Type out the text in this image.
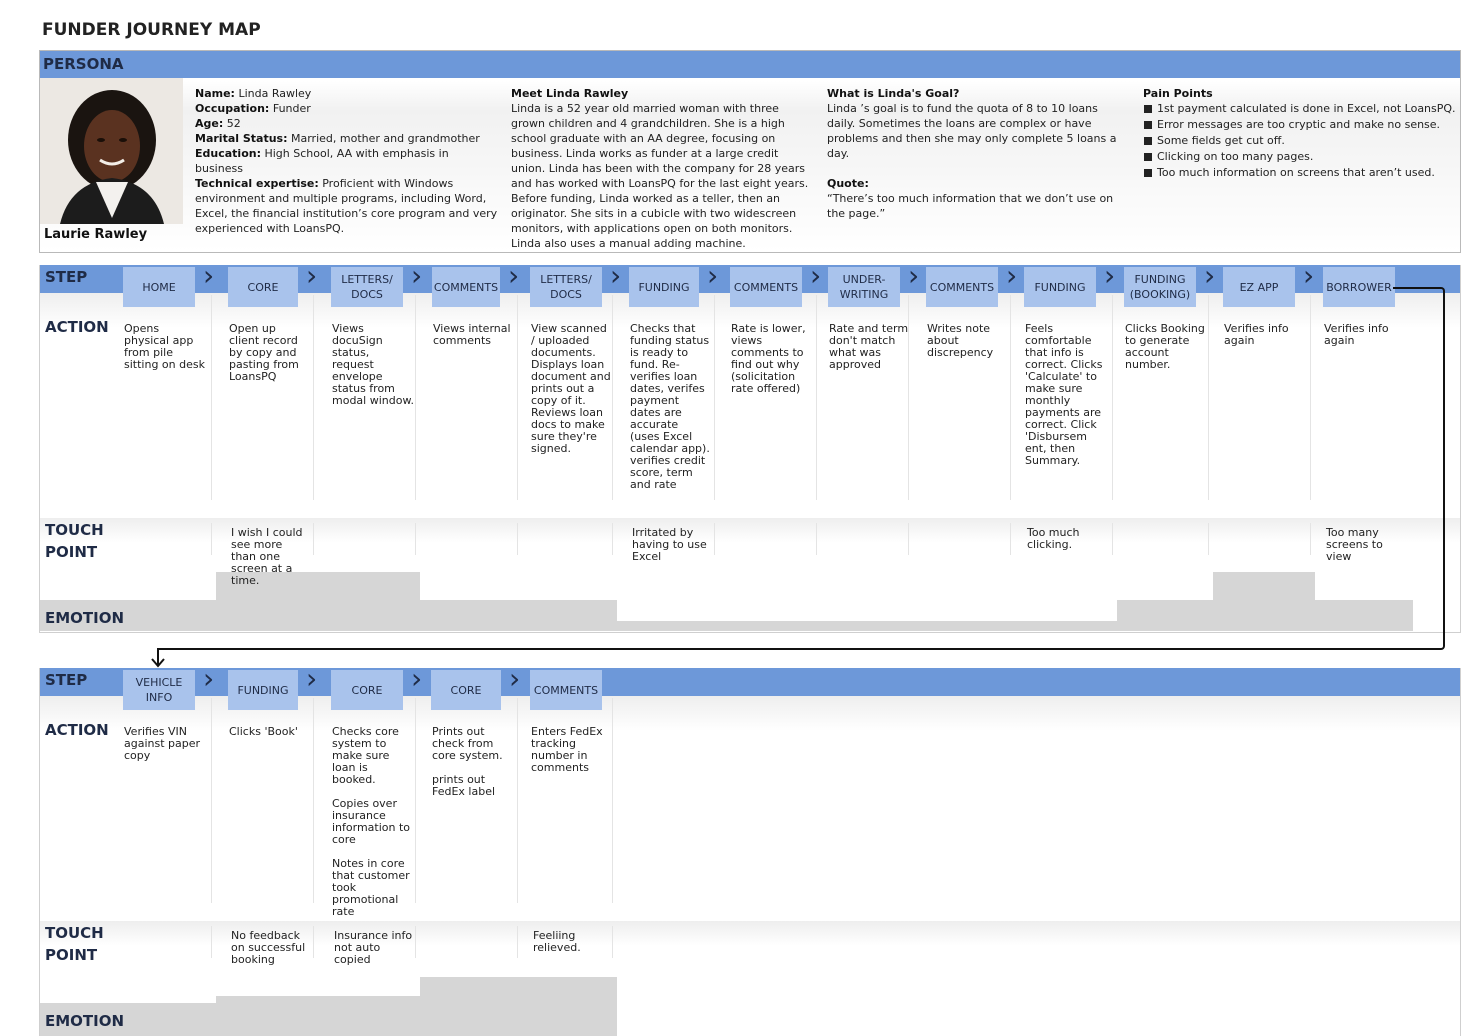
FUNDER JOURNEY MAP
PERSONA
Laurie Rawley
Name: Linda Rawley
Occupation: Funder
Age: 52
Marital Status: Married, mother and grandmother
Education: High School, AA with emphasis in business
Technical expertise: Proficient with Windows environment and multiple programs, including Word, Excel, the financial institution’s core program and very experienced with LoansPQ.
Meet Linda Rawley
Linda is a 52 year old married woman with three grown children and 4 grandchildren. She is a high school graduate with an AA degree, focusing on business. Linda works as funder at a large credit union. Linda has been with the company for 28 years and has worked with LoansPQ for the last eight years. Before funding, Linda worked as a teller, then an originator. She sits in a cubicle with two widescreen monitors, with applications open on both monitors. Linda also uses a manual adding machine.
What is Linda's Goal?
Linda ’s goal is to fund the quota of 8 to 10 loans daily. Sometimes the loans are complex or have problems and then she may only complete 5 loans a day.
Quote:
“There’s too much information that we don’t use on the page.”
Pain Points
1st payment calculated is done in Excel, not LoansPQ.
Error messages are too cryptic and make no sense.
Some fields get cut off.
Clicking on too many pages.
Too much information on screens that aren’t used.
STEP
ACTION
TOUCH POINT
EMOTION
HOME ›
Opens physical app from pile sitting on desk
CORE ›
Open up client record by copy and pasting from LoansPQ
I wish I could see more than one screen at a time.
LETTERS/ DOCS
›
Views docuSign status, request envelope status from modal window.
COMMENTS ›
Views internal comments
LETTERS/ DOCS
›
View scanned / uploaded documents. Displays loan document and prints out a copy of it. Reviews loan docs to make sure they're signed.
FUNDING ›
Checks that funding status is ready to fund. Re-verifies loan dates, verifes payment dates are accurate (uses Excel calendar app). verifies credit score, term and rate
Irritated by having to use Excel
COMMENTS ›
Rate is lower, views comments to find out why (solicitation rate offered)
UNDER-WRITING
›
Rate and term don't match what was approved
COMMENTS ›
Writes note about discrepency
FUNDING ›
Feels comfortable that info is correct. Clicks 'Calculate' to make sure monthly payments are correct. Click 'Disbursem ent, then Summary.
Too much clicking.
FUNDING (BOOKING)
›
Clicks Booking to generate account number.
EZ APP ›
Verifies info again
BORROWER
Verifies info again
Too many screens to view
STEP
ACTION
TOUCH POINT
EMOTION
VEHICLE INFO
›
Verifies VIN against paper copy
FUNDING ›
Clicks 'Book'
No feedback on successful booking
CORE	›
Checks core system to make sure loan is booked.

Copies over insurance information to core

Notes in core that customer took promotional rate
Insurance info not auto copied
CORE ›
Prints out check from core system.

prints out FedEx label
COMMENTS
Enters FedEx tracking number in comments
Feeliing relieved.
